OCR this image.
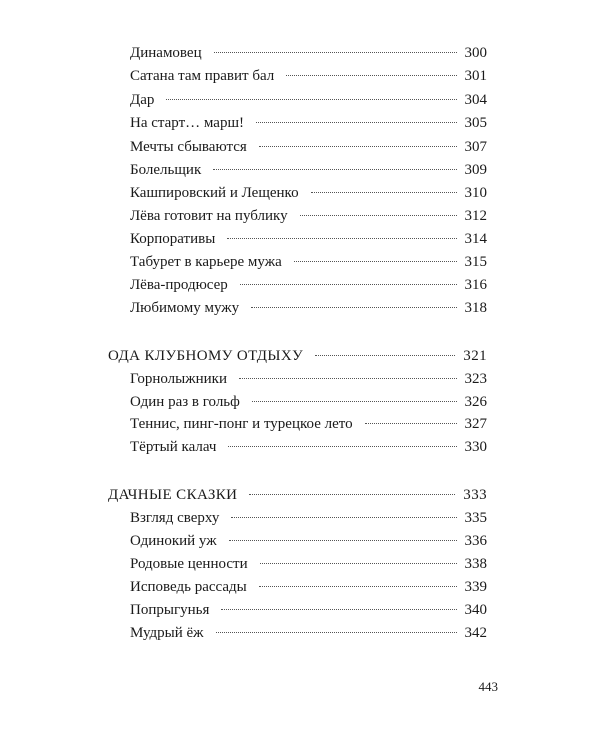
Динамовец	300
Сатана там правит бал	301
Дар	304
На старт… марш!	305
Мечты сбываются	307
Болельщик	309
Кашпировский и Лещенко	310
Лёва готовит на публику	312
Корпоративы	314
Табурет в карьере мужа	315
Лёва-продюсер	316
Любимому мужу	318
ОДА КЛУБНОМУ ОТДЫХУ	321
Горнолыжники	323
Один раз в гольф	326
Теннис, пинг-понг и турецкое лето	327
Тёртый калач	330
ДАЧНЫЕ СКАЗКИ	333
Взгляд сверху	335
Одинокий уж	336
Родовые ценности	338
Исповедь рассады	339
Попрыгунья	340
Мудрый ёж	342
443
